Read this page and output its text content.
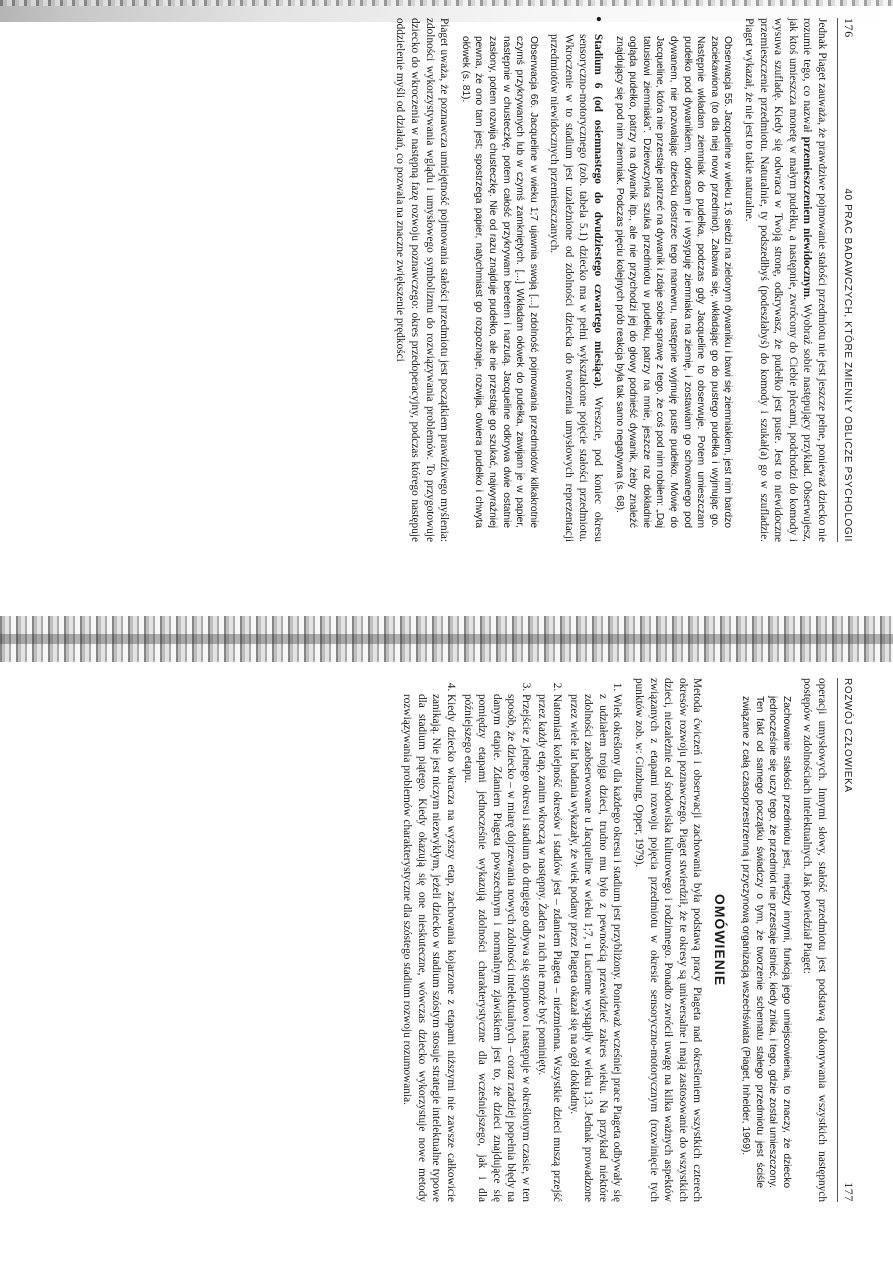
176
40 PRAC BADAWCZYCH, KTÓRE ZMIENIŁY OBLICZE PSYCHOLOGII

Jednak Piaget zauważa, że prawdziwe pojmowanie stałości przedmiotu nie jest jeszcze pełne, ponieważ dziecko nie rozumie tego, co nazwał przemieszczeniem niewidocznym. Wyobraź sobie następujący przykład. Obserwujesz, jak ktoś umieszcza monetę w małym pudełku, a następnie, zwrócony do Ciebie plecami, podchodzi do komody i wysuwa szufladę. Kiedy się odwraca w Twoją stronę, odkrywasz, że pudełko jest puste. Jest to niewidoczne przemieszczenie przedmiotu. Naturalnie, ty podszedłbyś (podeszłabyś) do komody i szukał(a) go w szufladzie. Piaget wykazał, że nie jest to takie naturalne.

Obserwacja 55. Jacqueline w wieku 1;6 siedzi na zielonym dywaniku i bawi się ziemniakiem, jest nim bardzo zaciekawiona (to dla niej nowy przedmiot). Zabawia się, wkładając go do pustego pudełka i wyjmując go. Następnie wkładam ziemniak do pudełka, podczas gdy Jacqueline to obserwuje. Potem umieszczam pudełko pod dywanikiem, odwracam je i wysypuję ziemniaka na ziemię, i zostawiam go schowanego pod dywanem, nie pozwalając dziecku dostrzec tego manewru, następnie wyjmuję puste pudełko. Mówię do Jacqueline, która nie przestaje patrzeć na dywanik i zdaje sobie sprawę z tego, że coś pod nim robiłem: „Daj tatusiowi ziemniaka”. Dziewczynka szuka przedmiotu w pudełku, patrzy na mnie, jeszcze raz dokładnie ogląda pudełko, patrzy na dywanik itp., ale nie przychodzi jej do głowy podnieść dywanik, żeby znaleźć znajdujący się pod nim ziemniak. Podczas pięciu kolejnych prób reakcja była tak samo negatywna (s. 68).

● Stadium 6 (od osiemnastego do dwudziestego czwartego miesiąca). Wreszcie, pod koniec okresu sensoryczno-motorycznego (zob. tabela 5.1) dziecko ma w pełni wykształcone pojęcie stałości przedmiotu. Wkroczenie w to stadium jest uzależnione od zdolności dziecka do tworzenia umysłowych reprezentacji przedmiotów niewidocznych przemieszczanych.

Obserwacja 66. Jacqueline w wieku 1;7 ujawnia swoją [...] zdolność pojmowania przedmiotów kilkakrotnie czymś przykrywanych lub w czymś zamkniętych. [...] Wkładam ołówek do pudełka, zawijam je w papier, następnie w chusteczkę, potem całość przykrywam beretem i narzutą. Jacqueline odkrywa dwie ostatnie zasłony, potem rozwija chusteczkę. Nie od razu znajduje pudełko, ale nie przestaje go szukać, najwyraźniej pewna, że ono tam jest; spostrzega papier, natychmiast go rozpoznaje, rozwija, otwiera pudełko i chwyta ołówek (s. 81).

Piaget uważa, że poznawcza umiejętność pojmowania stałości przedmiotu jest początkiem prawdziwego myślenia: zdolności wykorzystywania wglądu i umysłowego symbolizmu do rozwiązywania problemów. To przygotowuje dziecko do wkroczenia w następną fazę rozwoju poznawczego: okres przedoperacyjny, podczas którego następuje oddzielenie myśli od działań, co pozwala na znaczne zwiększenie prędkości

ROZWÓJ CZŁOWIEKA
177

operacji umysłowych. Innymi słowy, stałość przedmiotu jest podstawą dokonywania wszystkich następnych postępów w zdolnościach intelektualnych. Jak powiedział Piaget:

Zachowanie stałości przedmiotu jest, między innymi, funkcją jego umiejscowienia, to znaczy, że dziecko jednocześnie się uczy tego, że przedmiot nie przestaje istnieć, kiedy znika, i tego, gdzie został umieszczony. Ten fakt od samego początku świadczy o tym, że tworzenie schematu stałego przedmiotu jest ściśle związane z całą czasoprzestrzenną i przyczynową organizacją wszechświata (Piaget, Inhelder, 1969).

OMÓWIENIE

Metoda ćwiczeń i obserwacji zachowania była podstawą pracy Piageta nad określeniem wszystkich czterech okresów rozwoju poznawczego. Piaget stwierdził, że te okresy są uniwersalne i mają zastosowanie do wszystkich dzieci, niezależnie od środowiska kulturowego i rodzinnego. Ponadto zwrócił uwagę na kilka ważnych aspektów związanych z etapami rozwoju pojęcia przedmiotu w okresie sensoryczno-motorycznym (rozwinięcie tych punktów zob. w: Ginzburg, Opper, 1979).

1. Wiek określony dla każdego okresu i stadium jest przybliżony. Ponieważ wcześniej prace Piageta odbywały się z udziałem trojga dzieci, trudno mu było z pewnością przewidzieć zakres wieku. Na przykład niektóre zdolności zaobserwowane u Jacqueline w wieku 1;7, u Lucienne wystąpiły w wieku 1;3. Jednak prowadzone przez wiele lat badania wykazały, że wiek podany przez Piageta okazał się na ogół dokładny.
2. Natomiast kolejność okresów i stadiów jest – zdaniem Piageta – niezmienna. Wszystkie dzieci muszą przejść przez każdy etap, zanim wkroczą w następny. Żaden z nich nie może być pominięty.
3. Przejście z jednego okresu i stadium do drugiego odbywa się stopniowo i następuje w określonym czasie, w ten sposób, że dziecko – w miarę dojrzewania nowych zdolności intelektualnych – coraz rzadziej popełnia błędy na danym etapie. Zdaniem Piageta powszechnym i normalnym zjawiskiem jest to, że dzieci znajdujące się pomiędzy etapami jednocześnie wykazują zdolności charakterystyczne dla wcześniejszego, jak i dla późniejszego etapu.
4. Kiedy dziecko wkracza na wyższy etap, zachowania kojarzone z etapami niższymi nie zawsze całkowicie zanikają. Nie jest niczym niezwykłym, jeżeli dziecko w stadium szóstym stosuje strategie intelektualne typowe dla stadium piątego. Kiedy okazują się one nieskuteczne, wówczas dziecko wykorzystuje nowe metody rozwiązywania problemów charakterystyczne dla szóstego stadium rozwoju rozumowania.
